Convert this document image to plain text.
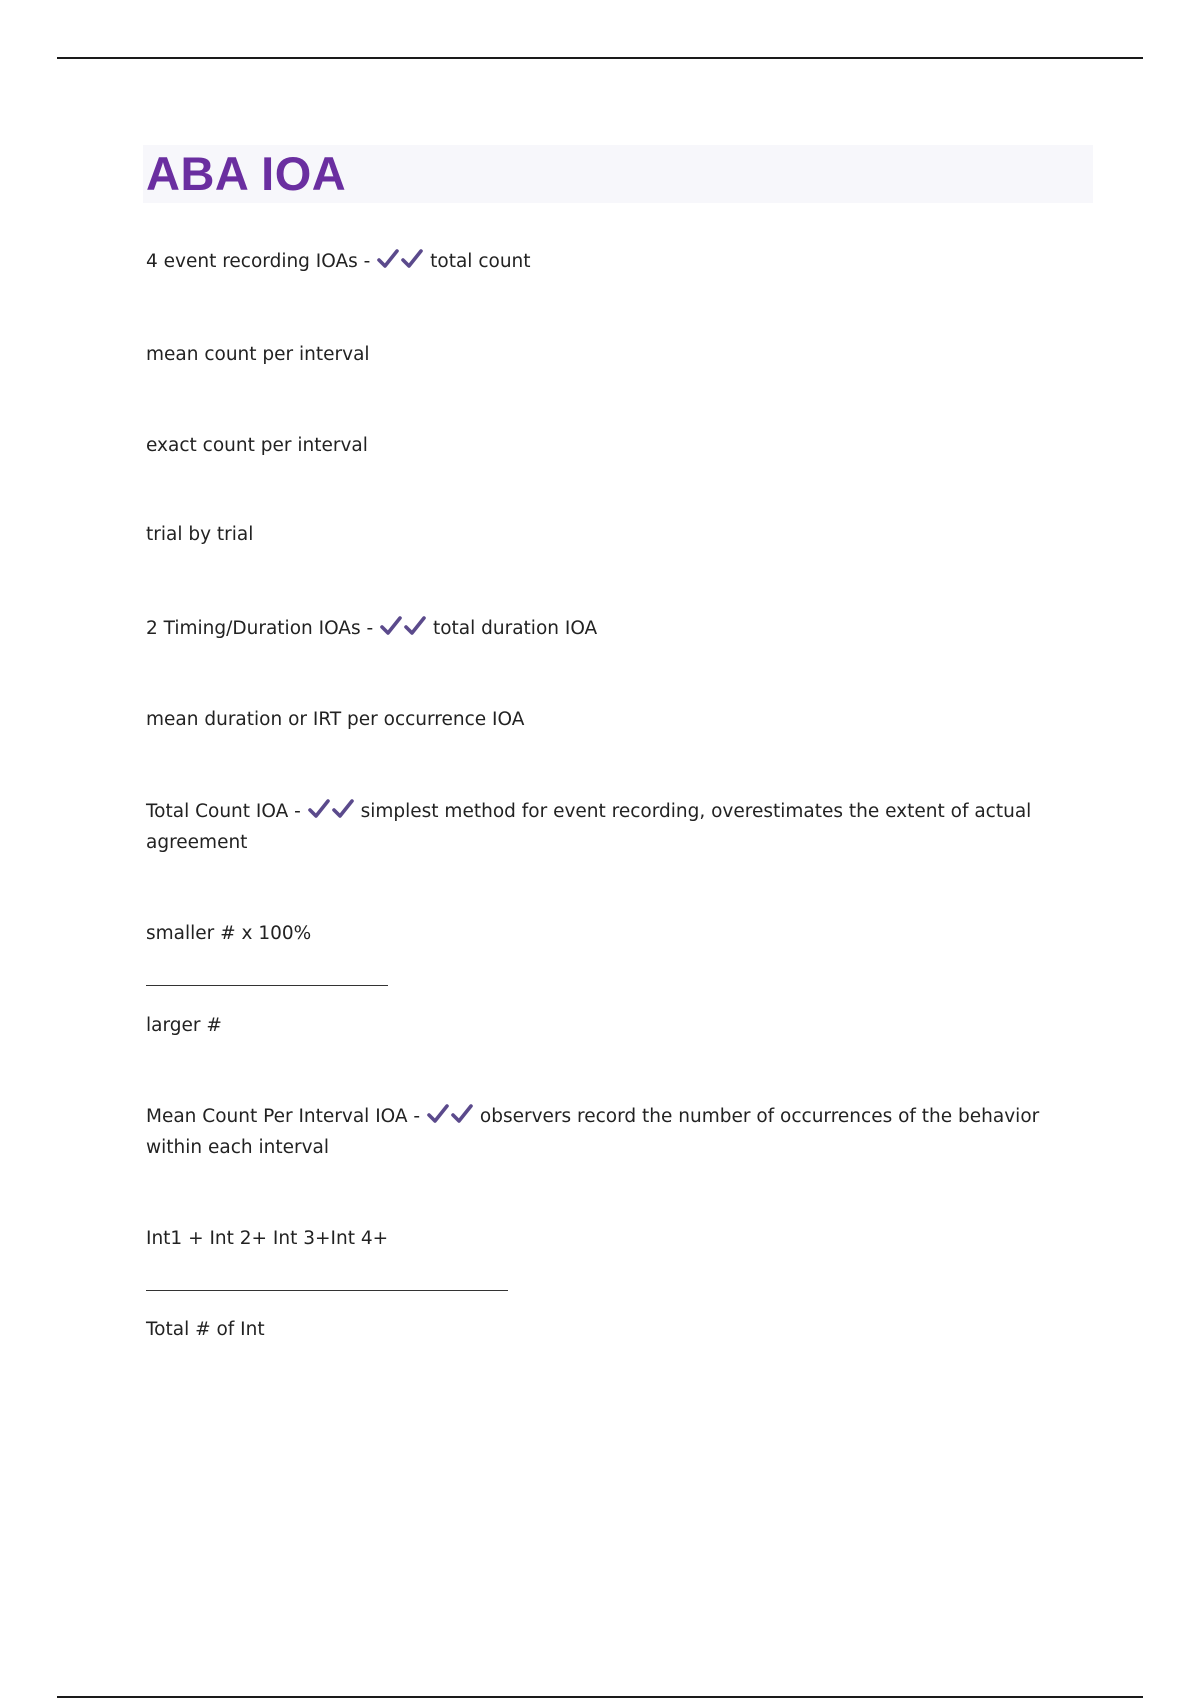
ABA IOA

4 event recording IOAs -	total count

mean count per interval

exact count per interval

trial by trial

2 Timing/Duration IOAs -	total duration IOA

mean duration or IRT per occurrence IOA

Total Count IOA -	simplest method for event recording, overestimates the extent of actual agreement

smaller # x 100%

larger #

Mean Count Per Interval IOA -	observers record the number of occurrences of the behavior within each interval

Int1 + Int 2+ Int 3+Int 4+

Total # of Int
